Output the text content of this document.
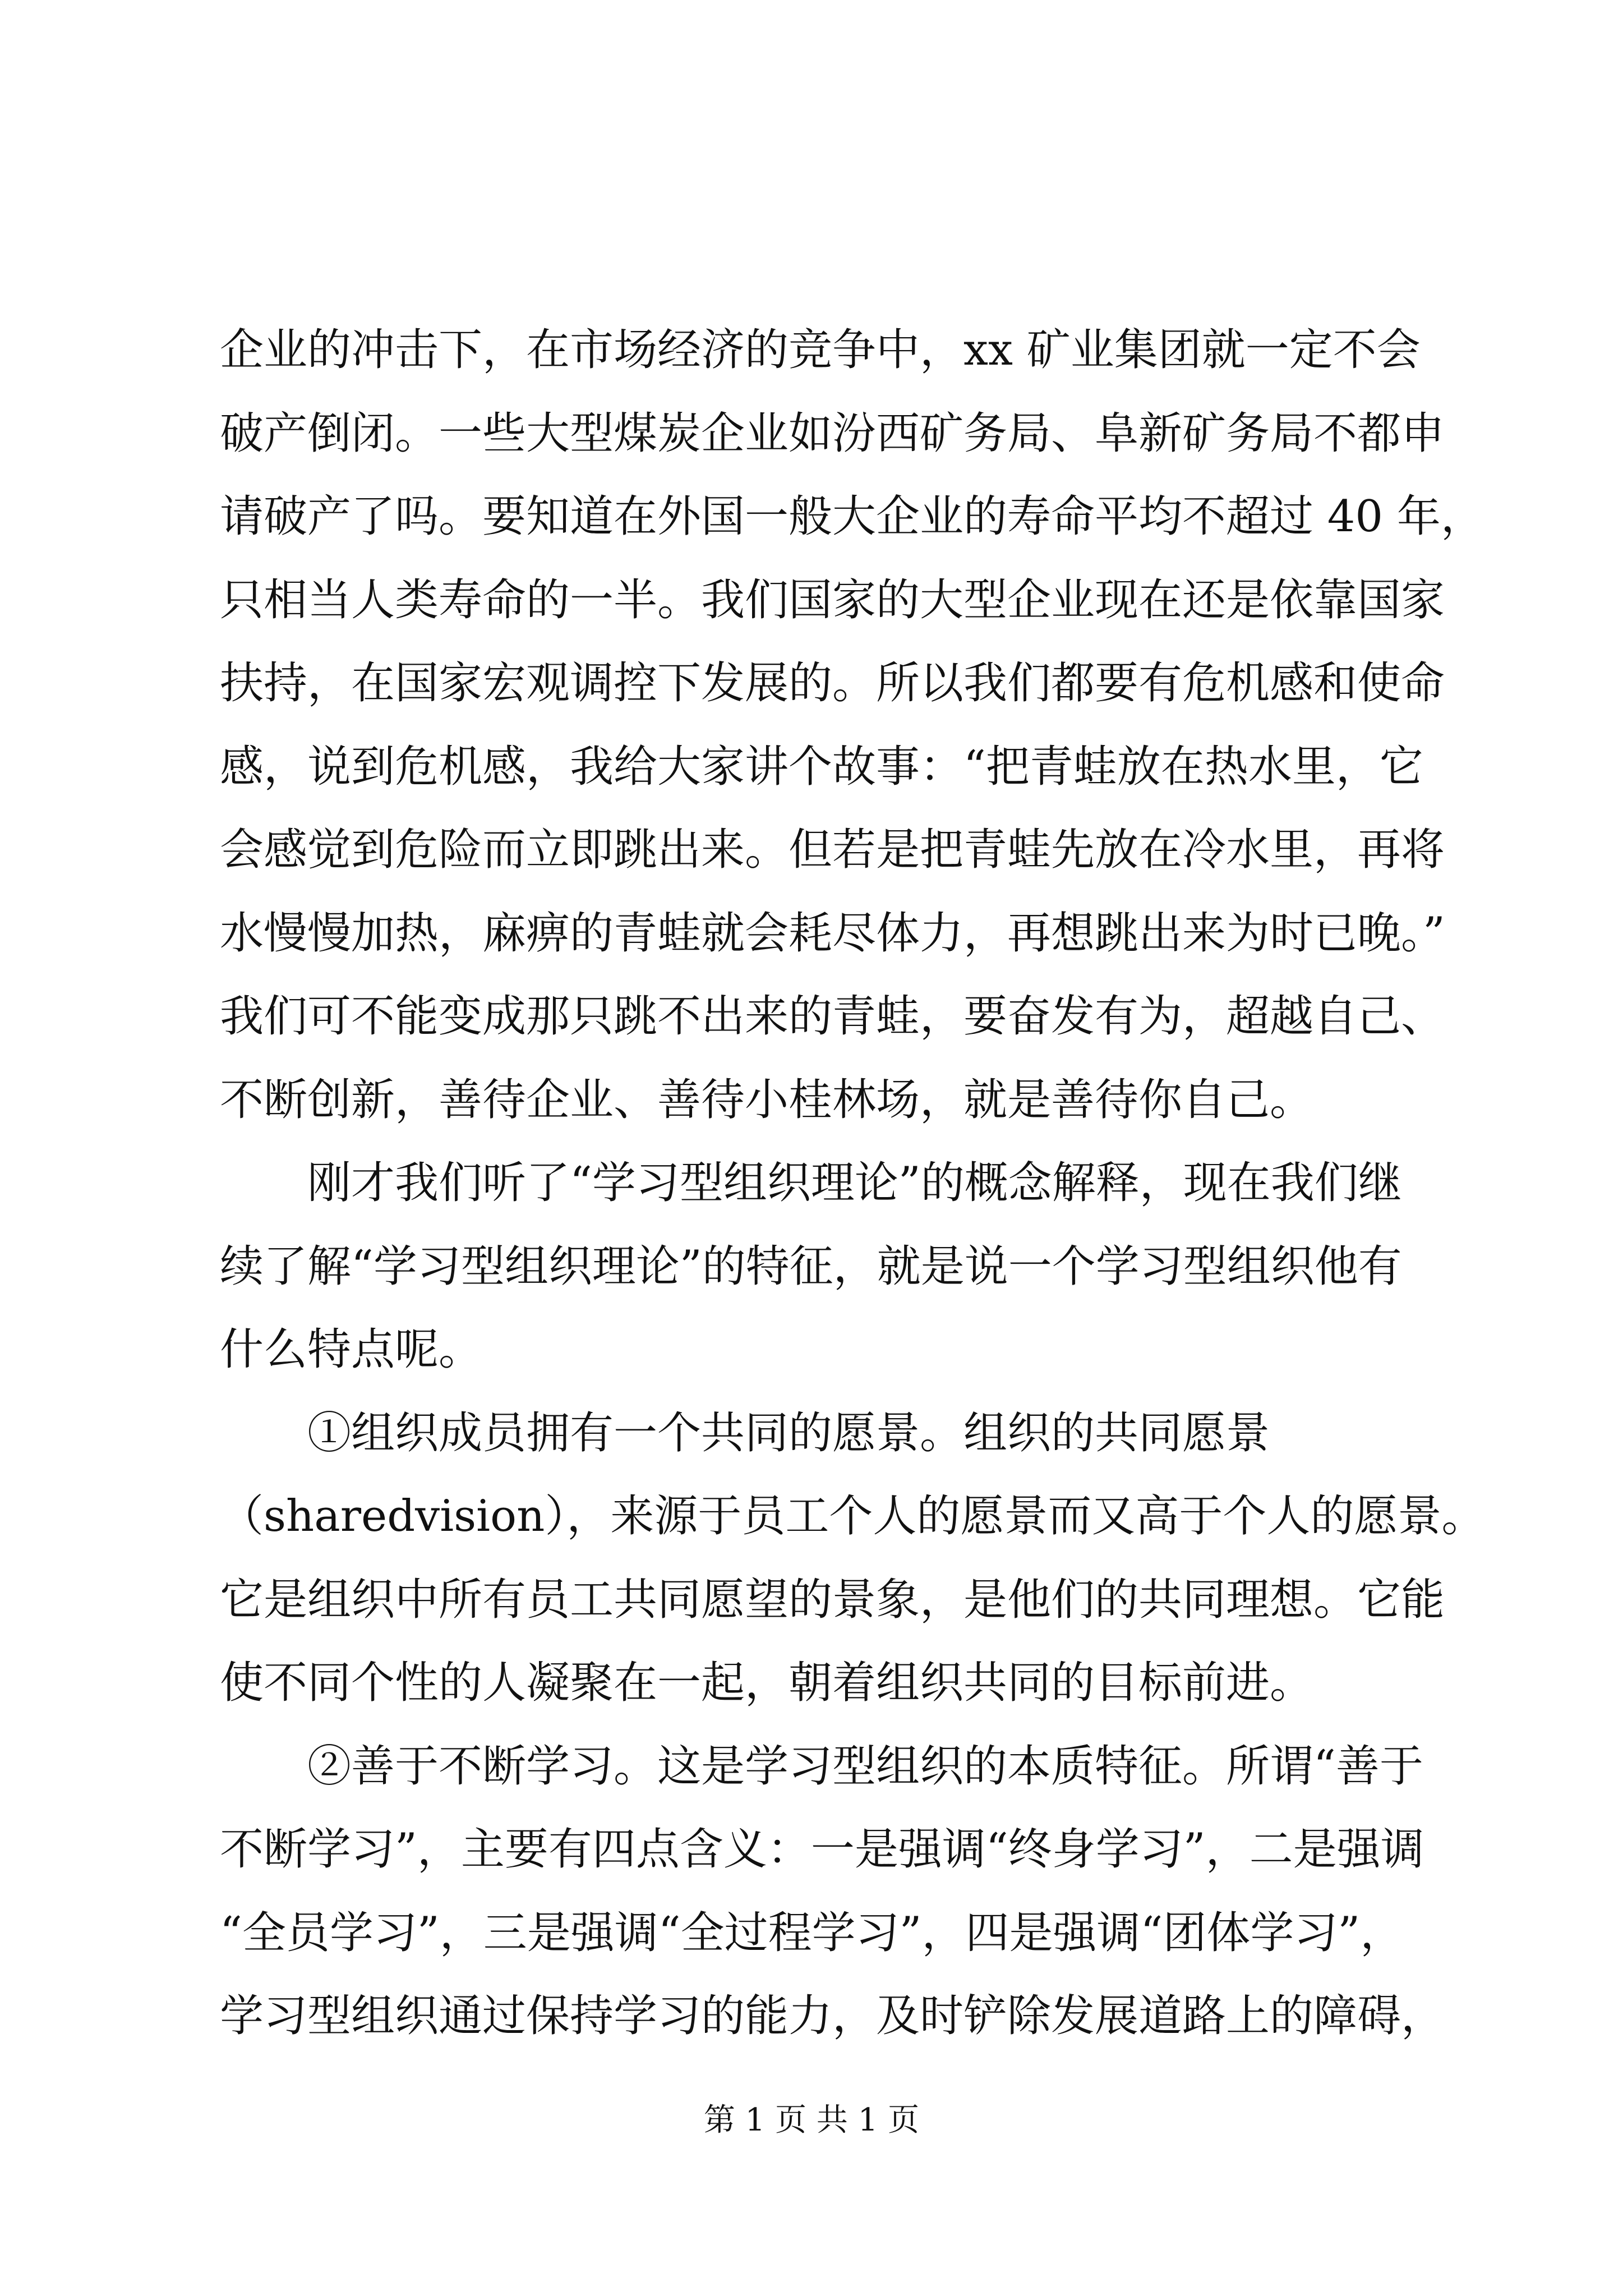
企业的冲击下，在市场经济的竞争中，xx 矿业集团就一定不会
破产倒闭。一些大型煤炭企业如汾西矿务局、阜新矿务局不都申
请破产了吗。要知道在外国一般大企业的寿命平均不超过 40 年，
只相当人类寿命的一半。我们国家的大型企业现在还是依靠国家
扶持，在国家宏观调控下发展的。所以我们都要有危机感和使命
感，说到危机感，我给大家讲个故事：“把青蛙放在热水里，它
会感觉到危险而立即跳出来。但若是把青蛙先放在冷水里，再将
水慢慢加热，麻痹的青蛙就会耗尽体力，再想跳出来为时已晚。”
我们可不能变成那只跳不出来的青蛙，要奋发有为，超越自己、
不断创新，善待企业、善待小桂林场，就是善待你自己。
　　刚才我们听了“学习型组织理论”的概念解释，现在我们继
续了解“学习型组织理论”的特征，就是说一个学习型组织他有
什么特点呢。
　　①组织成员拥有一个共同的愿景。组织的共同愿景
（sharedvision），来源于员工个人的愿景而又高于个人的愿景。
它是组织中所有员工共同愿望的景象，是他们的共同理想。它能
使不同个性的人凝聚在一起，朝着组织共同的目标前进。
　　②善于不断学习。这是学习型组织的本质特征。所谓“善于
不断学习”，主要有四点含义：一是强调“终身学习”，二是强调
“全员学习”，三是强调“全过程学习”，四是强调“团体学习”，
学习型组织通过保持学习的能力，及时铲除发展道路上的障碍，
第 1 页 共 1 页
